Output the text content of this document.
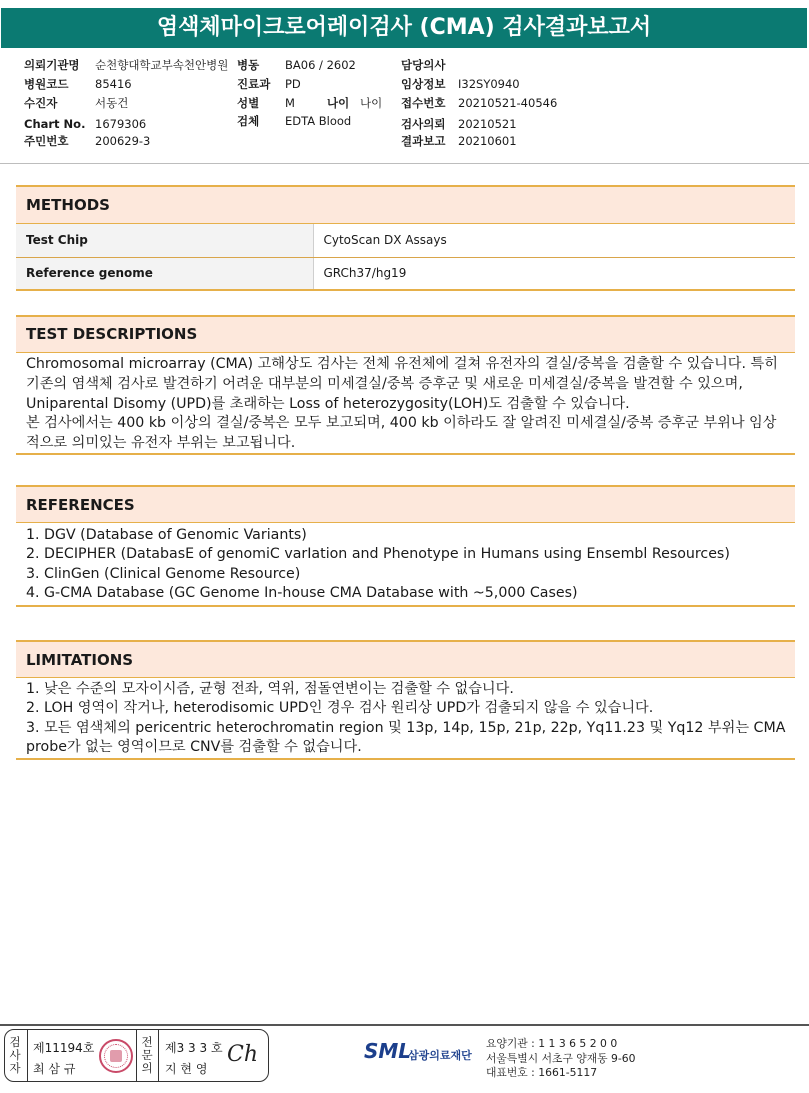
염색체마이크로어레이검사 (CMA) 검사결과보고서
의뢰기관명 순천향대학교부속천안병원
병원코드 85416
수진자	서동건
Chart No. 1679306
주민번호 200629-3
병동 BA06 / 2602
진료과 PD
성별 M	나이 나이
검체 EDTA Blood
담당의사
임상정보 I32SY0940
접수번호 20210521-40546
검사의뢰 20210521
결과보고 20210601
METHODS
Test Chip	CytoScan DX Assays
Reference genome	GRCh37/hg19
TEST DESCRIPTIONS
Chromosomal microarray (CMA) 고해상도 검사는 전체 유전체에 걸쳐 유전자의 결실/중복을 검출할 수 있습니다. 특히 기존의 염색체 검사로 발견하기 어려운 대부분의 미세결실/중복 증후군 및 새로운 미세결실/중복을 발견할 수 있으며, Uniparental Disomy (UPD)를 초래하는 Loss of heterozygosity(LOH)도 검출할 수 있습니다.
본 검사에서는 400 kb 이상의 결실/중복은 모두 보고되며, 400 kb 이하라도 잘 알려진 미세결실/중복 증후군 부위나 임상적으로 의미있는 유전자 부위는 보고됩니다.
REFERENCES
1. DGV (Database of Genomic Variants)
2. DECIPHER (DatabasE of genomiC varIation and Phenotype in Humans using Ensembl Resources)
3. ClinGen (Clinical Genome Resource)
4. G-CMA Database (GC Genome In-house CMA Database with ~5,000 Cases)
LIMITATIONS
1. 낮은 수준의 모자이시즘, 균형 전좌, 역위, 점돌연변이는 검출할 수 없습니다.
2. LOH 영역이 작거나, heterodisomic UPD인 경우 검사 원리상 UPD가 검출되지 않을 수 있습니다.
3. 모든 염색체의 pericentric heterochromatin region 및 13p, 14p, 15p, 21p, 22p, Yq11.23 및 Yq12 부위는 CMA probe가 없는 영역이므로 CNV를 검출할 수 없습니다.
검사자
제11194호
최 삼 규
전문의
제3 3 3 호
지 현 영
Ch	SML
삼광의료재단
요양기관 : 1 1 3 6 5 2 0 0
서울특별시 서초구 양재동 9-60
대표번호 : 1661-5117
